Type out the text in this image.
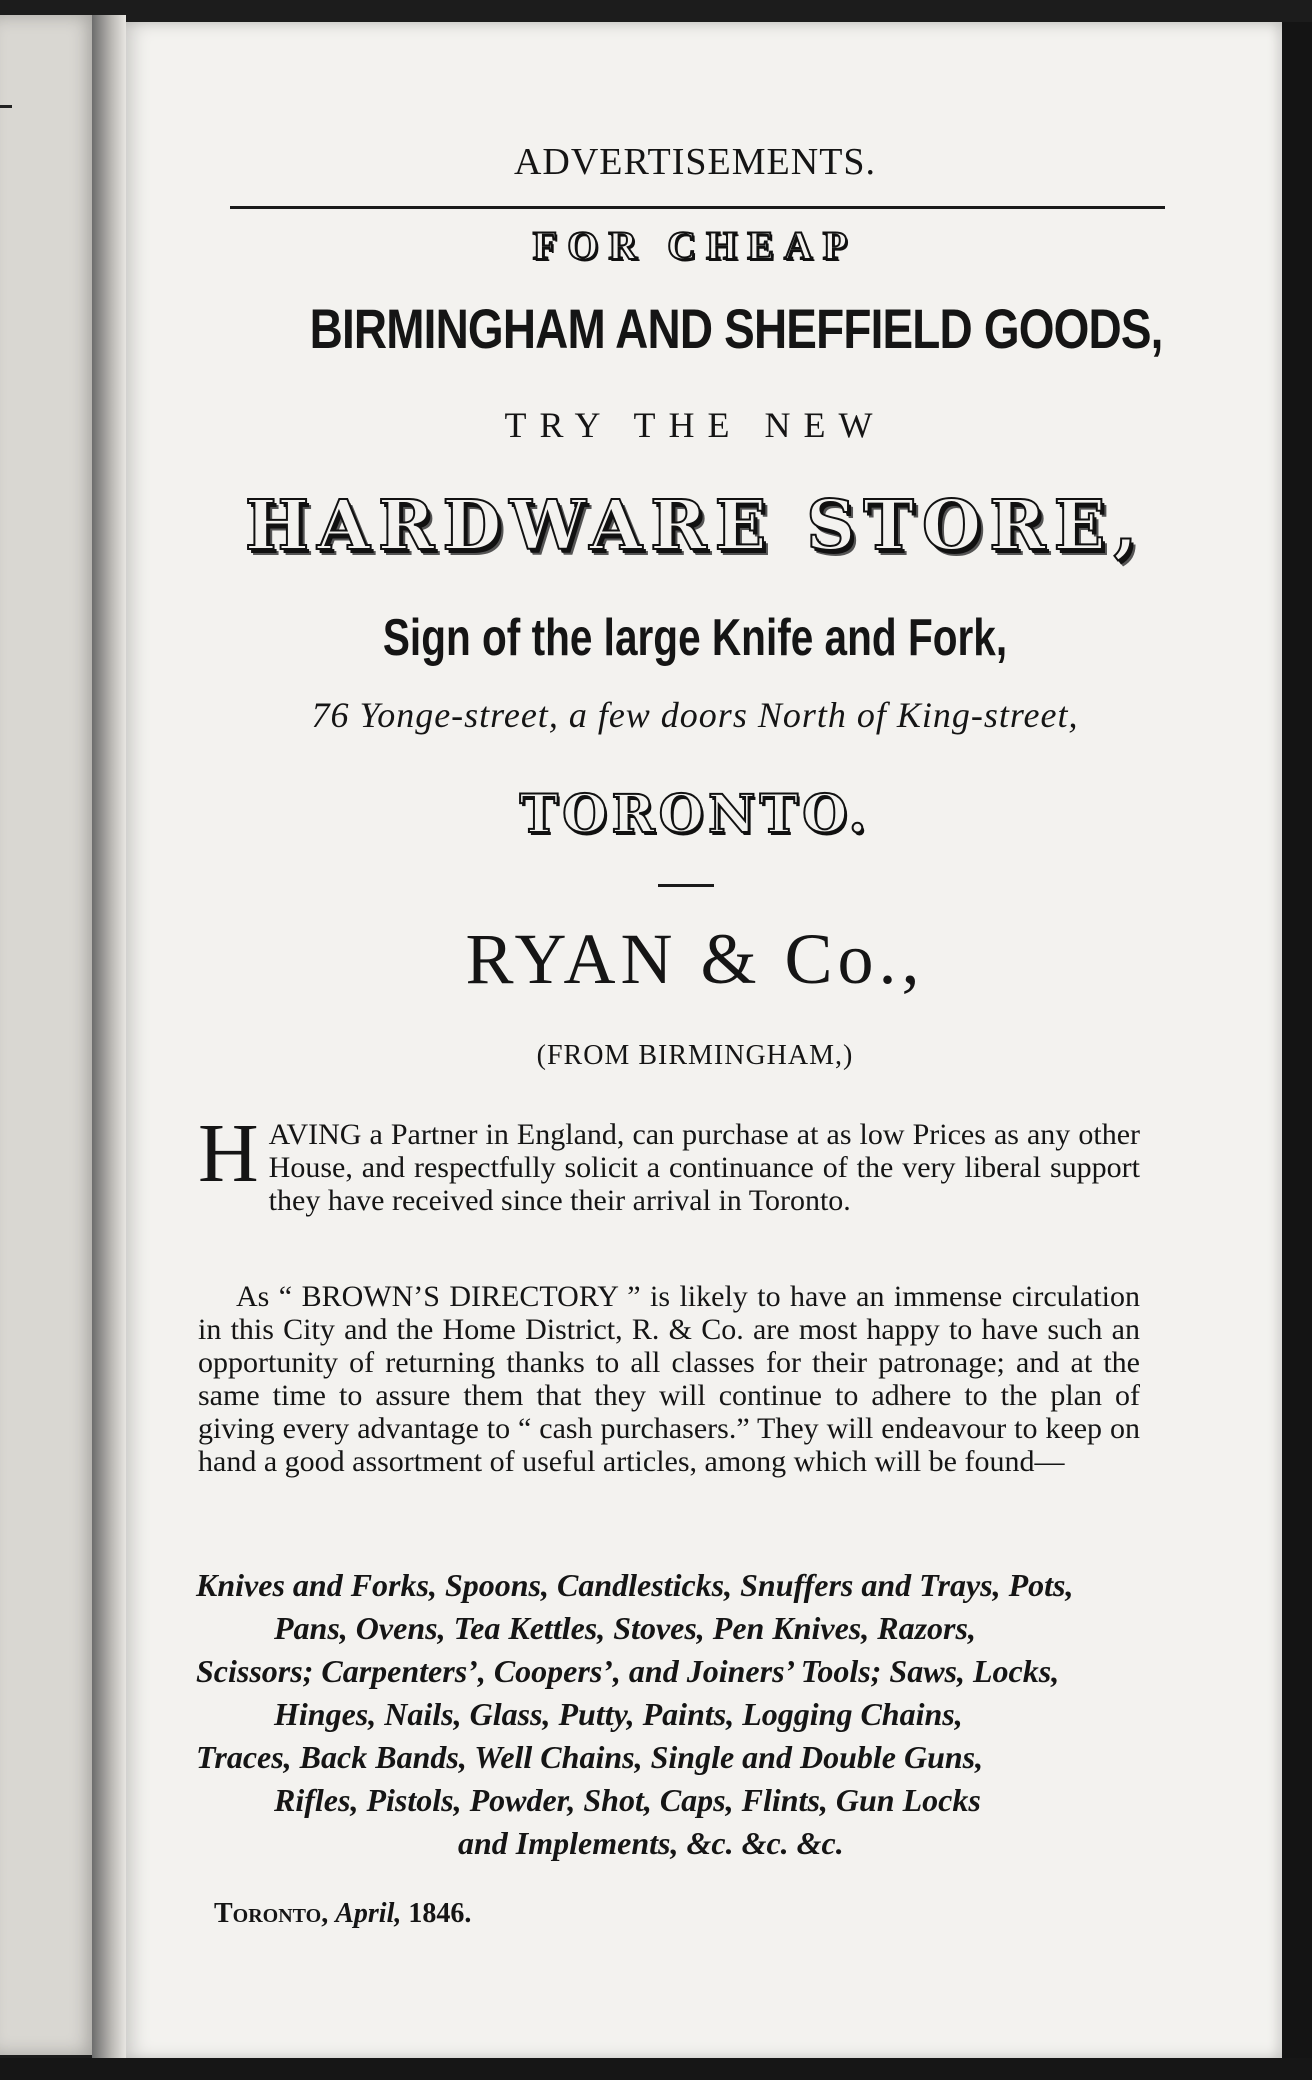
ADVERTISEMENTS.
FOR CHEAP
BIRMINGHAM AND SHEFFIELD GOODS,
TRY THE NEW
HARDWARE STORE,
Sign of the large Knife and Fork,
76 Yonge-street, a few doors North of King-street,
TORONTO.
RYAN & Co.,
(FROM BIRMINGHAM,)
H AVING a Partner in England, can purchase at as low Prices as any other House, and respectfully solicit a continuance of the very liberal support they have received since their arrival in Toronto.
As “ BROWN’S DIRECTORY ” is likely to have an immense circulation in this City and the Home District, R. & Co. are most happy to have such an opportunity of returning thanks to all classes for their patronage; and at the same time to assure them that they will continue to adhere to the plan of giving every advantage to “ cash purchasers.” They will endeavour to keep on hand a good assortment of useful articles, among which will be found—
Knives and Forks, Spoons, Candlesticks, Snuffers and Trays, Pots,
Pans, Ovens, Tea Kettles, Stoves, Pen Knives, Razors,
Scissors; Carpenters’, Coopers’, and Joiners’ Tools; Saws, Locks,
Hinges, Nails, Glass, Putty, Paints, Logging Chains,
Traces, Back Bands, Well Chains, Single and Double Guns,
Rifles, Pistols, Powder, Shot, Caps, Flints, Gun Locks
and Implements, &c. &c. &c.
Toronto, April, 1846.
